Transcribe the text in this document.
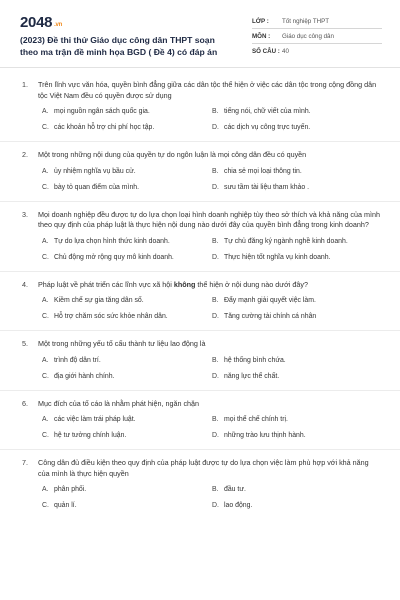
2048 .vn
(2023) Đề thi thử Giáo dục công dân THPT soạn theo ma trận đề minh họa BGD ( Đề 4) có đáp án
LỚP :	Tốt nghiệp THPT
MÔN :	Giáo dục công dân
SỐ CÂU : 40
1. Trên lĩnh vực văn hóa, quyền bình đẳng giữa các dân tộc thể hiện ở việc các dân tộc trong cộng đồng dân tộc Việt Nam đều có quyền được sử dụng
A. mọi nguồn ngân sách quốc gia.	B. tiếng nói, chữ viết của mình.
C. các khoản hỗ trợ chi phí học tập.	D. các dịch vụ công trực tuyến.
2. Một trong những nội dung của quyền tự do ngôn luận là mọi công dân đều có quyền
A. ủy nhiệm nghĩa vụ bầu cử.	B. chia sẻ mọi loại thông tin.
C. bày tỏ quan điểm của mình.	D. sưu tầm tài liệu tham khảo .
3. Mọi doanh nghiệp đều được tự do lựa chọn loại hình doanh nghiệp tùy theo sở thích và khả năng của mình theo quy định của pháp luật là thực hiện nội dung nào dưới đây của quyền bình đẳng trong kinh doanh?
A. Tự do lựa chọn hình thức kinh doanh.	B. Tự chủ đăng ký ngành nghề kinh doanh.
C. Chủ động mở rộng quy mô kinh doanh.	D. Thực hiện tốt nghĩa vụ kinh doanh.
4. Pháp luật về phát triển các lĩnh vực xã hội không thể hiện ở nội dung nào dưới đây?
A. Kiềm chế sự gia tăng dân số.	B. Đẩy mạnh giải quyết việc làm.
C. Hỗ trợ chăm sóc sức khỏe nhân dân.	D. Tăng cường tài chính cá nhân
5. Một trong những yếu tố cấu thành tư liệu lao động là
A. trình độ dân trí.	B. hệ thống bình chứa.
C. địa giới hành chính.	D. năng lực thể chất.
6. Mục đích của tố cáo là nhằm phát hiện, ngăn chặn
A. các việc làm trái pháp luật.	B. mọi thể chế chính trị.
C. hệ tư tưởng chính luận.	D. những trào lưu thịnh hành.
7. Công dân đủ điều kiện theo quy định của pháp luật được tự do lựa chọn việc làm phù hợp với khả năng của mình là thực hiện quyền
A. phân phối.	B. đầu tư.
C. quản lí.	D. lao động.
